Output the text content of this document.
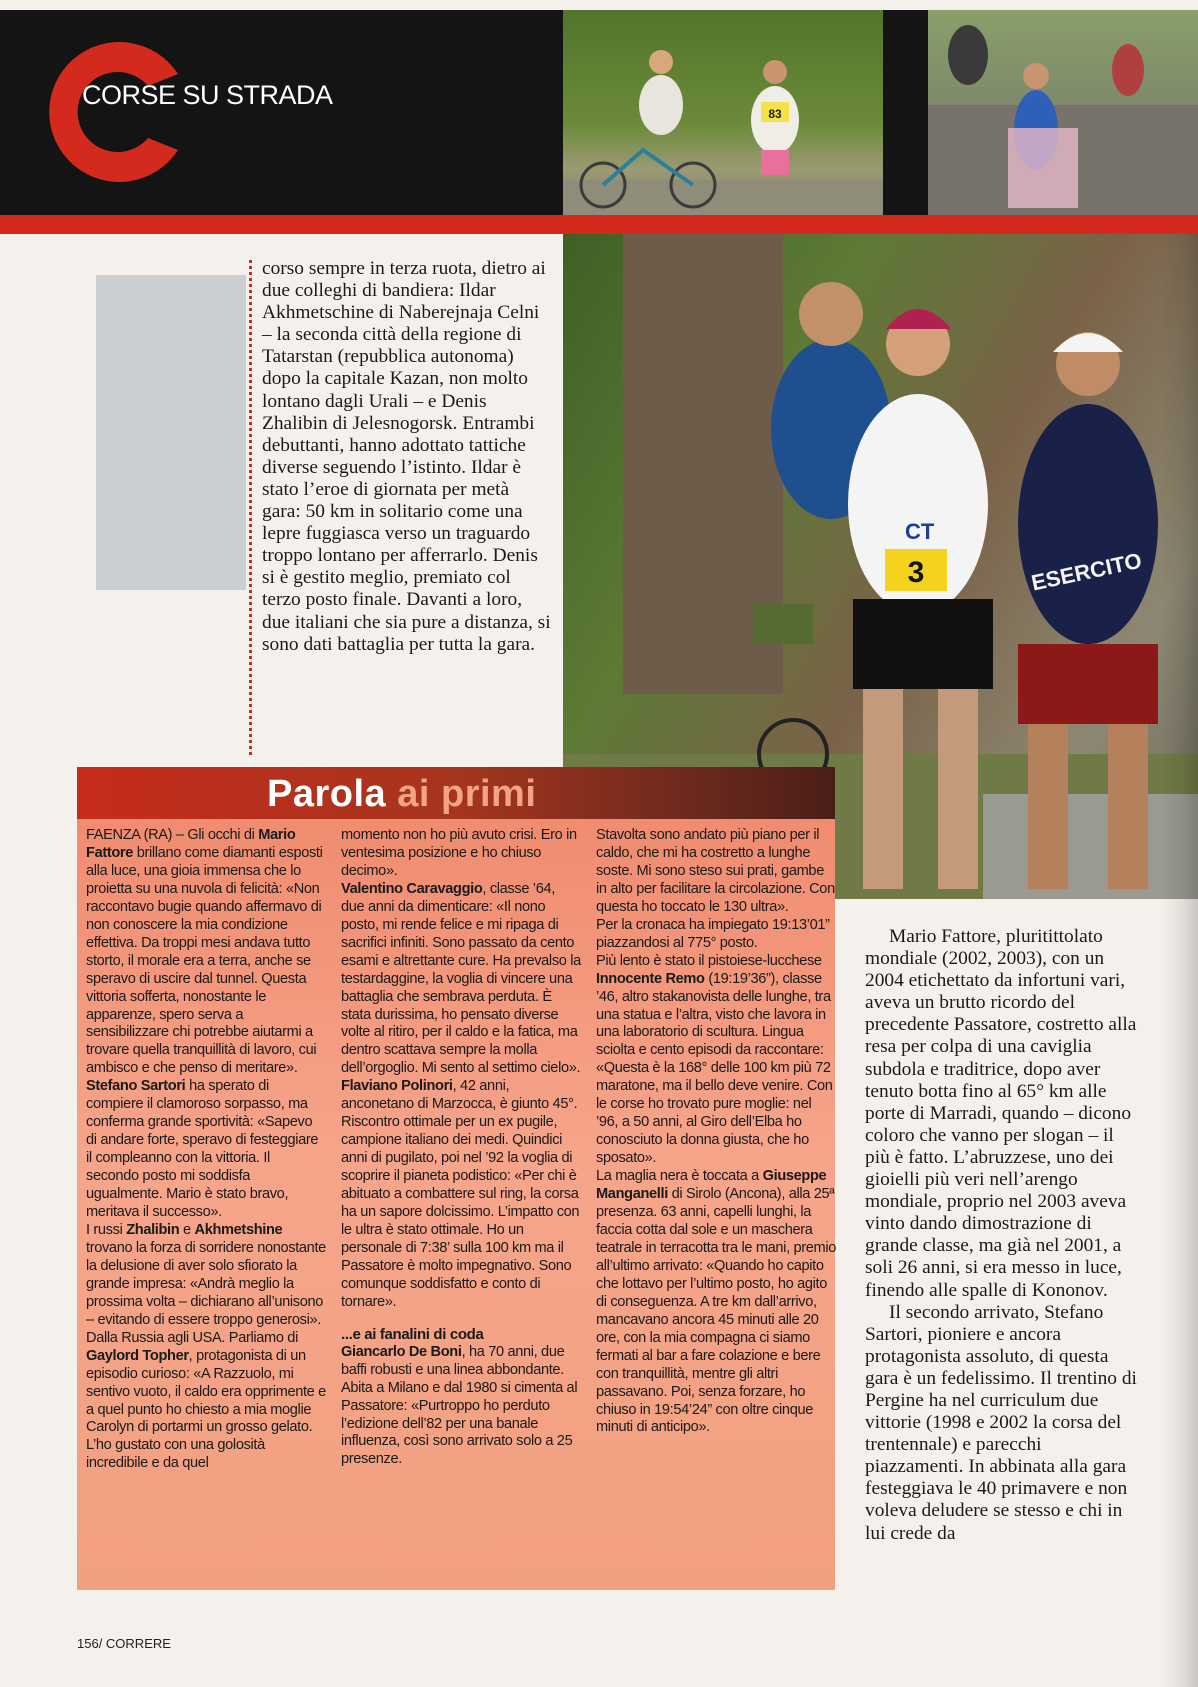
CORSE SU STRADA
83
CT
3	ESERCITO
corso sempre in terza ruota, dietro ai due colleghi di bandiera: Ildar Akhmetschine di Naberejnaja Celni – la seconda città della regione di Tatarstan (repubblica autonoma) dopo la capitale Kazan, non molto lontano dagli Urali – e Denis Zhalibin di Jelesnogorsk. Entrambi debuttanti, hanno adottato tattiche diverse seguendo l’istinto. Ildar è stato l’eroe di giornata per metà gara: 50 km in solitario come una lepre fuggiasca verso un traguardo troppo lontano per afferrarlo. Denis si è gestito meglio, premiato col terzo posto finale. Davanti a loro, due italiani che sia pure a distanza, si sono dati battaglia per tutta la gara.
Parola ai primi

FAENZA (RA) – Gli occhi di Mario Fattore brillano come diamanti esposti alla luce, una gioia immensa che lo proietta su una nuvola di felicità: «Non raccontavo bugie quando affermavo di non conoscere la mia condizione effettiva. Da troppi mesi andava tutto storto, il morale era a terra, anche se speravo di uscire dal tunnel. Questa vittoria sofferta, nonostante le apparenze, spero serva a sensibilizzare chi potrebbe aiutarmi a trovare quella tranquillità di lavoro, cui ambisco e che penso di meritare».

Stefano Sartori ha sperato di compiere il clamoroso sorpasso, ma conferma grande sportività: «Sapevo di andare forte, speravo di festeggiare il compleanno con la vittoria. Il secondo posto mi soddisfa ugualmente. Mario è stato bravo, meritava il successo».

I russi Zhalibin e Akhmetshine trovano la forza di sorridere nonostante la delusione di aver solo sfiorato la grande impresa: «Andrà meglio la prossima volta – dichiarano all’unisono – evitando di essere troppo generosi».

Dalla Russia agli USA. Parliamo di Gaylord Topher, protagonista di un episodio curioso: «A Razzuolo, mi sentivo vuoto, il caldo era opprimente e a quel punto ho chiesto a mia moglie Carolyn di portarmi un grosso gelato. L’ho gustato con una golosità incredibile e da quel

momento non ho più avuto crisi. Ero in ventesima posizione e ho chiuso decimo».

Valentino Caravaggio, classe ’64, due anni da dimenticare: «Il nono posto, mi rende felice e mi ripaga di sacrifici infiniti. Sono passato da cento esami e altrettante cure. Ha prevalso la testardaggine, la voglia di vincere una battaglia che sembrava perduta. È stata durissima, ho pensato diverse volte al ritiro, per il caldo e la fatica, ma dentro scattava sempre la molla dell’orgoglio. Mi sento al settimo cielo».

Flaviano Polinori, 42 anni, anconetano di Marzocca, è giunto 45°. Riscontro ottimale per un ex pugile, campione italiano dei medi. Quindici anni di pugilato, poi nel ’92 la voglia di scoprire il pianeta podistico: «Per chi è abituato a combattere sul ring, la corsa ha un sapore dolcissimo. L’impatto con le ultra è stato ottimale. Ho un personale di 7:38’ sulla 100 km ma il Passatore è molto impegnativo. Sono comunque soddisfatto e conto di tornare».

...e ai fanalini di coda

Giancarlo De Boni, ha 70 anni, due baffi robusti e una linea abbondante. Abita a Milano e dal 1980 si cimenta al Passatore: «Purtroppo ho perduto l’edizione dell’82 per una banale influenza, così sono arrivato solo a 25 presenze.

Stavolta sono andato più piano per il caldo, che mi ha costretto a lunghe soste. Mi sono steso sui prati, gambe in alto per facilitare la circolazione. Con questa ho toccato le 130 ultra».

Per la cronaca ha impiegato 19:13’01” piazzandosi al 775° posto.

Più lento è stato il pistoiese-lucchese Innocente Remo (19:19’36”), classe ’46, altro stakanovista delle lunghe, tra una statua e l’altra, visto che lavora in una laboratorio di scultura. Lingua sciolta e cento episodi da raccontare: «Questa è la 168° delle 100 km più 72 maratone, ma il bello deve venire. Con le corse ho trovato pure moglie: nel ’96, a 50 anni, al Giro dell’Elba ho conosciuto la donna giusta, che ho sposato».

La maglia nera è toccata a Giuseppe Manganelli di Sirolo (Ancona), alla 25ª presenza. 63 anni, capelli lunghi, la faccia cotta dal sole e un maschera teatrale in terracotta tra le mani, premio all’ultimo arrivato: «Quando ho capito che lottavo per l’ultimo posto, ho agito di conseguenza. A tre km dall’arrivo, mancavano ancora 45 minuti alle 20 ore, con la mia compagna ci siamo fermati al bar a fare colazione e bere con tranquillità, mentre gli altri passavano. Poi, senza forzare, ho chiuso in 19:54’24” con oltre cinque minuti di anticipo».

Mario Fattore, pluritittolato mondiale (2002, 2003), con un 2004 etichettato da infortuni vari, aveva un brutto ricordo del precedente Passatore, costretto alla resa per colpa di una caviglia subdola e traditrice, dopo aver tenuto botta fino al 65° km alle porte di Marradi, quando – dicono coloro che vanno per slogan – il più è fatto. L’abruzzese, uno dei gioielli più veri nell’arengo mondiale, proprio nel 2003 aveva vinto dando dimostrazione di grande classe, ma già nel 2001, a soli 26 anni, si era messo in luce, finendo alle spalle di Kononov.

Il secondo arrivato, Stefano Sartori, pioniere e ancora protagonista assoluto, di questa gara è un fedelissimo. Il trentino di Pergine ha nel curriculum due vittorie (1998 e 2002 la corsa del trentennale) e parecchi piazzamenti. In abbinata alla gara festeggiava le 40 primavere e non voleva deludere se stesso e chi in lui crede da

156/ CORRERE
